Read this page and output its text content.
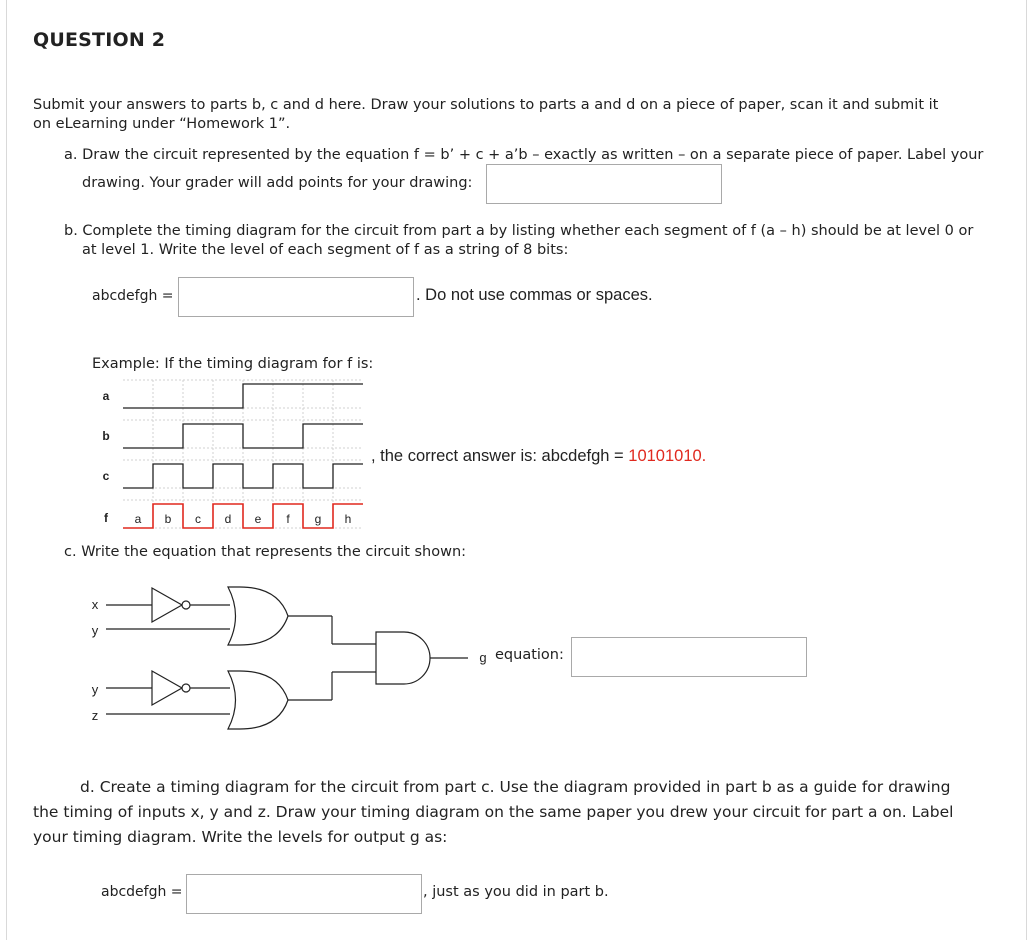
QUESTION 2
Submit your answers to parts b, c and d here. Draw your solutions to parts a and d on a piece of paper, scan it and submit it
on eLearning under “Homework 1”.
a. Draw the circuit represented by the equation f = b’ + c + a’b – exactly as written – on a separate piece of paper. Label your
drawing. Your grader will add points for your drawing:
b. Complete the timing diagram for the circuit from part a by listing whether each segment of f (a – h) should be at level 0 or
at level 1. Write the level of each segment of f as a string of 8 bits:
abcdefgh =	. Do not use commas or spaces.
Example: If the timing diagram for f is:
a
b
c
f a b c d e f g h
, the correct answer is: abcdefgh = 10101010.
c. Write the equation that represents the circuit shown:
x
y
y
z
g equation:
d. Create a timing diagram for the circuit from part c. Use the diagram provided in part b as a guide for drawing
the timing of inputs x, y and z. Draw your timing diagram on the same paper you drew your circuit for part a on. Label
your timing diagram. Write the levels for output g as:
abcdefgh =	, just as you did in part b.
